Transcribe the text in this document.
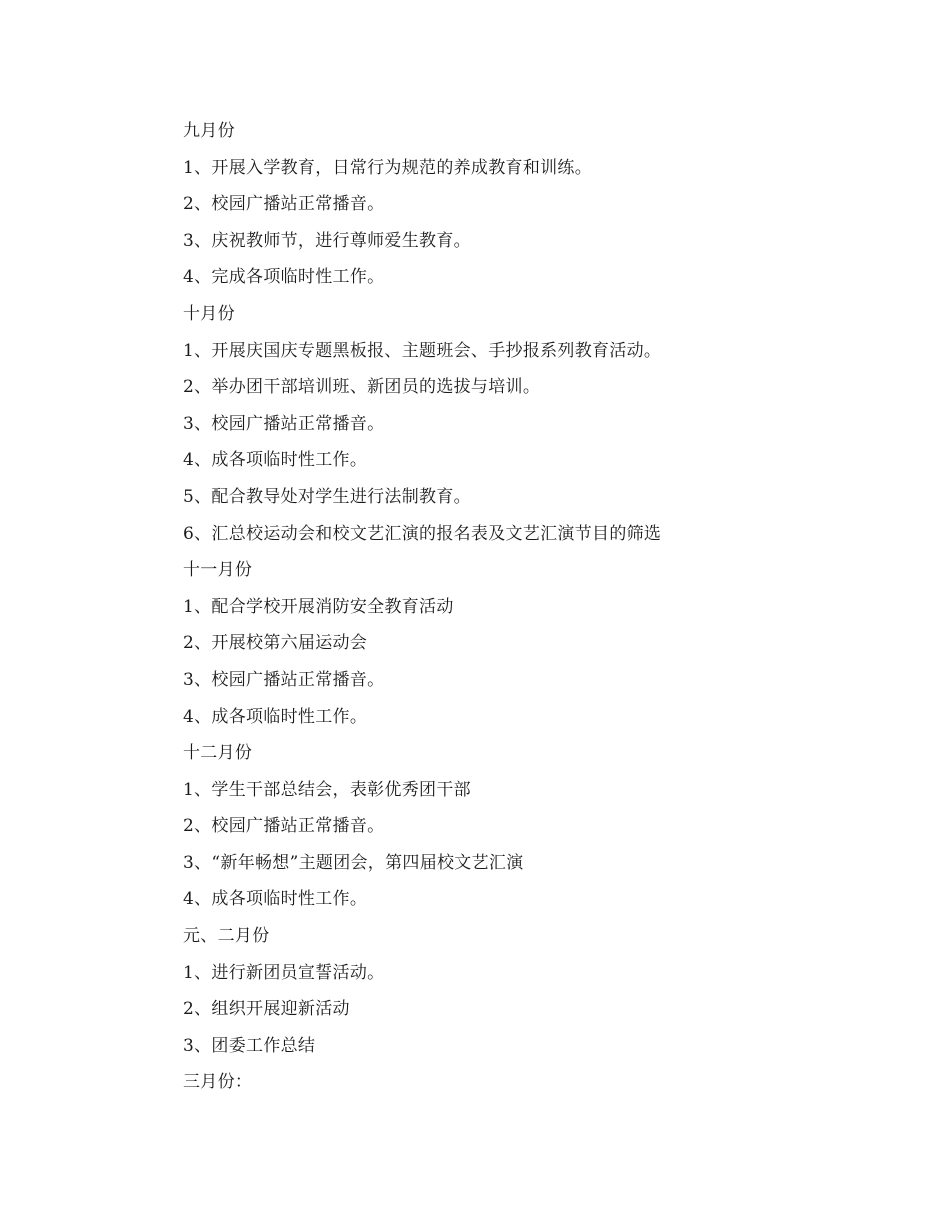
九月份
1、开展入学教育，日常行为规范的养成教育和训练。
2、校园广播站正常播音。
3、庆祝教师节，进行尊师爱生教育。
4、完成各项临时性工作。
十月份
1、开展庆国庆专题黑板报、主题班会、手抄报系列教育活动。
2、举办团干部培训班、新团员的选拔与培训。
3、校园广播站正常播音。
4、成各项临时性工作。
5、配合教导处对学生进行法制教育。
6、汇总校运动会和校文艺汇演的报名表及文艺汇演节目的筛选
十一月份
1、配合学校开展消防安全教育活动
2、开展校第六届运动会
3、校园广播站正常播音。
4、成各项临时性工作。
十二月份
1、学生干部总结会，表彰优秀团干部
2、校园广播站正常播音。
3、“新年畅想”主题团会，第四届校文艺汇演
4、成各项临时性工作。
元、二月份
1、进行新团员宣誓活动。
2、组织开展迎新活动
3、团委工作总结
三月份：
